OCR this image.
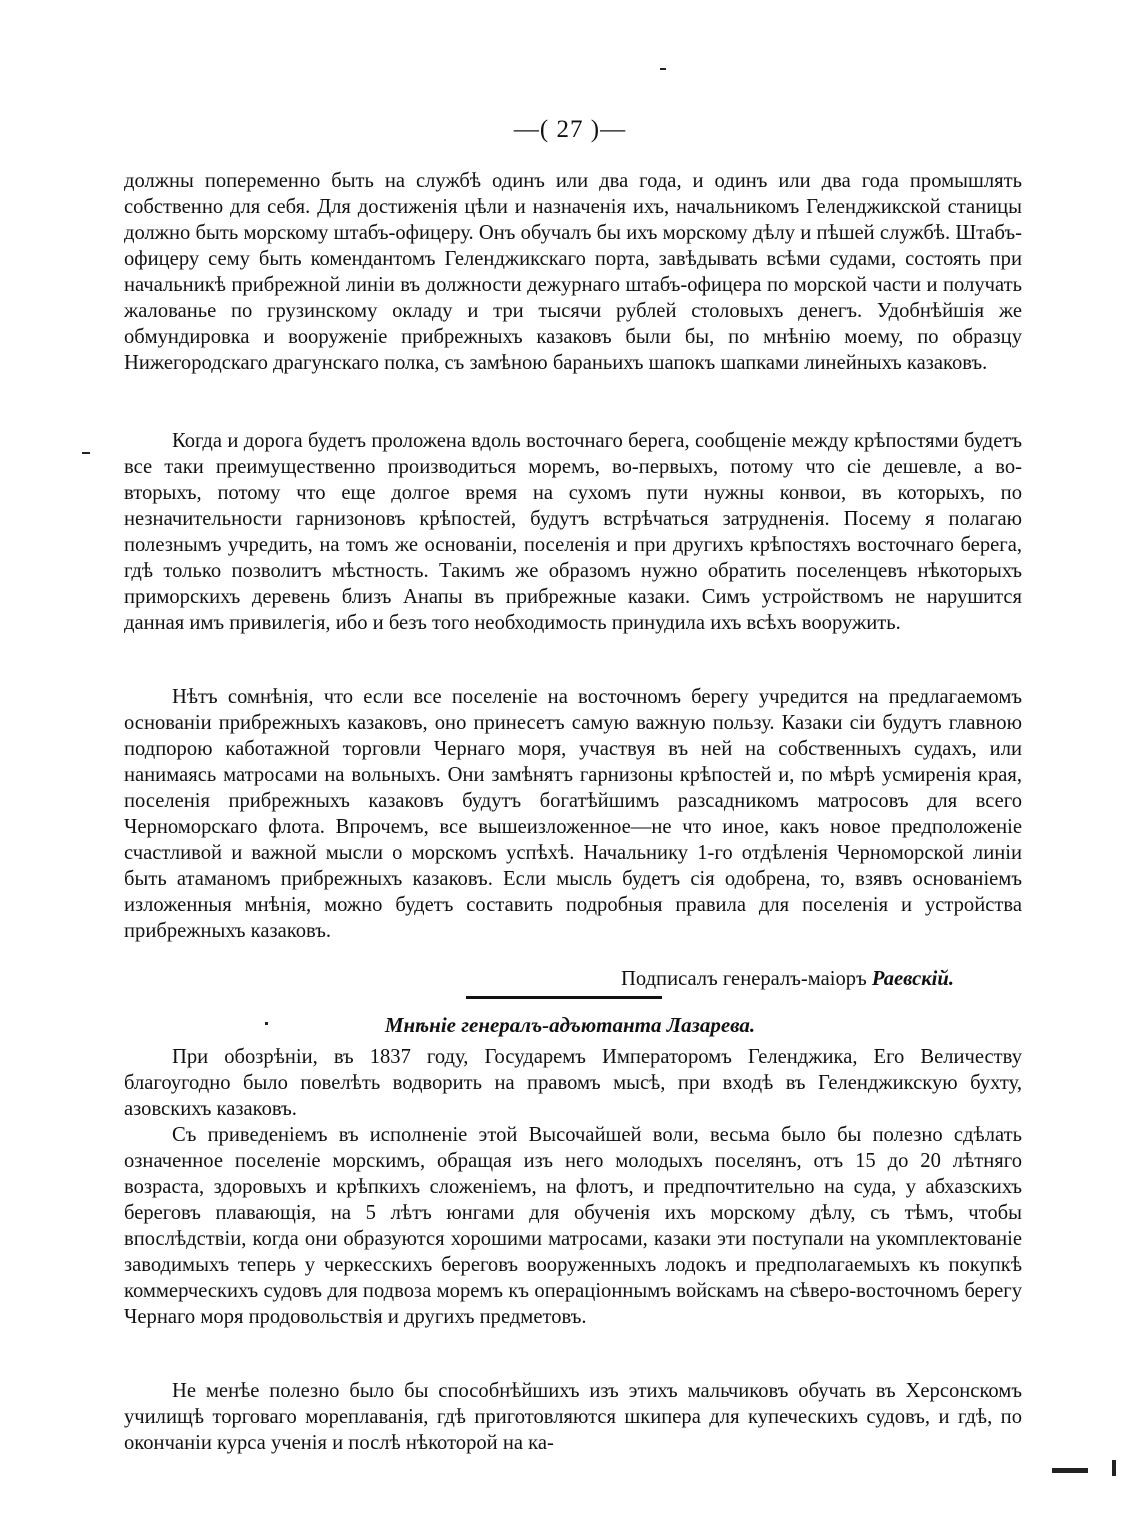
—( 27 )—

должны попеременно быть на службѣ одинъ или два года, и одинъ или два года промышлять собственно для себя. Для достиженія цѣли и назначенія ихъ, начальникомъ Геленджикской станицы должно быть морскому штабъ-офицеру. Онъ обучалъ бы ихъ морскому дѣлу и пѣшей службѣ. Штабъ-офицеру сему быть комендантомъ Геленджикскаго порта, завѣдывать всѣми судами, состоять при начальникѣ прибрежной линіи въ должности дежурнаго штабъ-офицера по морской части и получать жалованье по грузинскому окладу и три тысячи рублей столовыхъ денегъ. Удобнѣйшія же обмундировка и вооруженіе прибрежныхъ казаковъ были бы, по мнѣнію моему, по образцу Нижегородскаго драгунскаго полка, съ замѣною бараньихъ шапокъ шапками линейныхъ казаковъ.

Когда и дорога будетъ проложена вдоль восточнаго берега, сообщеніе между крѣпостями будетъ все таки преимущественно производиться моремъ, во-первыхъ, потому что сіе дешевле, а во-вторыхъ, потому что еще долгое время на сухомъ пути нужны конвои, въ которыхъ, по незначительности гарнизоновъ крѣпостей, будутъ встрѣчаться затрудненія. Посему я полагаю полезнымъ учредить, на томъ же основаніи, поселенія и при другихъ крѣпостяхъ восточнаго берега, гдѣ только позволитъ мѣстность. Такимъ же образомъ нужно обратить поселенцевъ нѣкоторыхъ приморскихъ деревень близъ Анапы въ прибрежные казаки. Симъ устройствомъ не нарушится данная имъ привилегія, ибо и безъ того необходимость принудила ихъ всѣхъ вооружить.

Нѣтъ сомнѣнія, что если все поселеніе на восточномъ берегу учредится на предлагаемомъ основаніи прибрежныхъ казаковъ, оно принесетъ самую важную пользу. Казаки сіи будутъ главною подпорою каботажной торговли Чернаго моря, участвуя въ ней на собственныхъ судахъ, или нанимаясь матросами на вольныхъ. Они замѣнятъ гарнизоны крѣпостей и, по мѣрѣ усмиренія края, поселенія прибрежныхъ казаковъ будутъ богатѣйшимъ разсадникомъ матросовъ для всего Черноморскаго флота. Впрочемъ, все вышеизложенное—не что иное, какъ новое предположеніе счастливой и важной мысли о морскомъ успѣхѣ. Начальнику 1-го отдѣленія Черноморской линіи быть атаманомъ прибрежныхъ казаковъ. Если мысль будетъ сія одобрена, то, взявъ основаніемъ изложенныя мнѣнія, можно будетъ составить подробныя правила для поселенія и устройства прибрежныхъ казаковъ.

Подписалъ генералъ-маіоръ Раевскій.
Мнѣніе генералъ-адъютанта Лазарева.

При обозрѣніи, въ 1837 году, Государемъ Императоромъ Геленджика, Его Величеству благоугодно было повелѣть водворить на правомъ мысѣ, при входѣ въ Геленджикскую бухту, азовскихъ казаковъ.

Съ приведеніемъ въ исполненіе этой Высочайшей воли, весьма было бы полезно сдѣлать означенное поселеніе морскимъ, обращая изъ него молодыхъ поселянъ, отъ 15 до 20 лѣтняго возраста, здоровыхъ и крѣпкихъ сложеніемъ, на флотъ, и предпочтительно на суда, у абхазскихъ береговъ плавающія, на 5 лѣтъ юнгами для обученія ихъ морскому дѣлу, съ тѣмъ, чтобы впослѣдствіи, когда они образуются хорошими матросами, казаки эти поступали на укомплектованіе заводимыхъ теперь у черкесскихъ береговъ вооруженныхъ лодокъ и предполагаемыхъ къ покупкѣ коммерческихъ судовъ для подвоза моремъ къ операціоннымъ войскамъ на сѣверо-восточномъ берегу Чернаго моря продовольствія и другихъ предметовъ.

Не менѣе полезно было бы способнѣйшихъ изъ этихъ мальчиковъ обучать въ Херсонскомъ училищѣ торговаго мореплаванія, гдѣ приготовляются шкипера для купеческихъ судовъ, и гдѣ, по окончаніи курса ученія и послѣ нѣкоторой на ка-
